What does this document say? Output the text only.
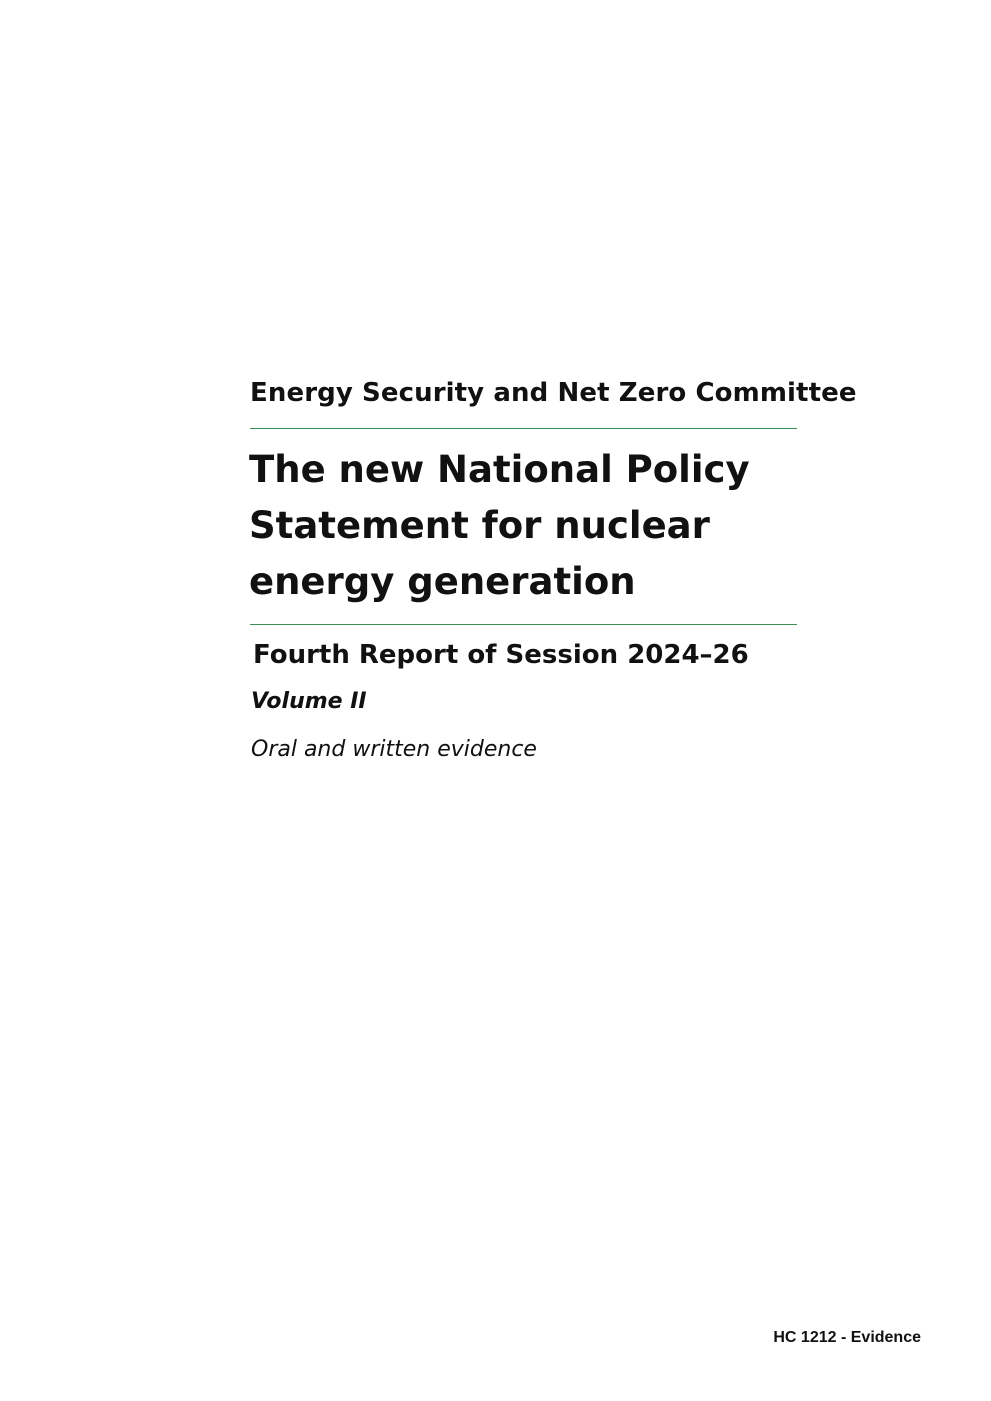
Energy Security and Net Zero Committee
The new National Policy
Statement for nuclear
energy generation
Fourth Report of Session 2024–26
Volume II
Oral and written evidence
HC 1212 - Evidence
